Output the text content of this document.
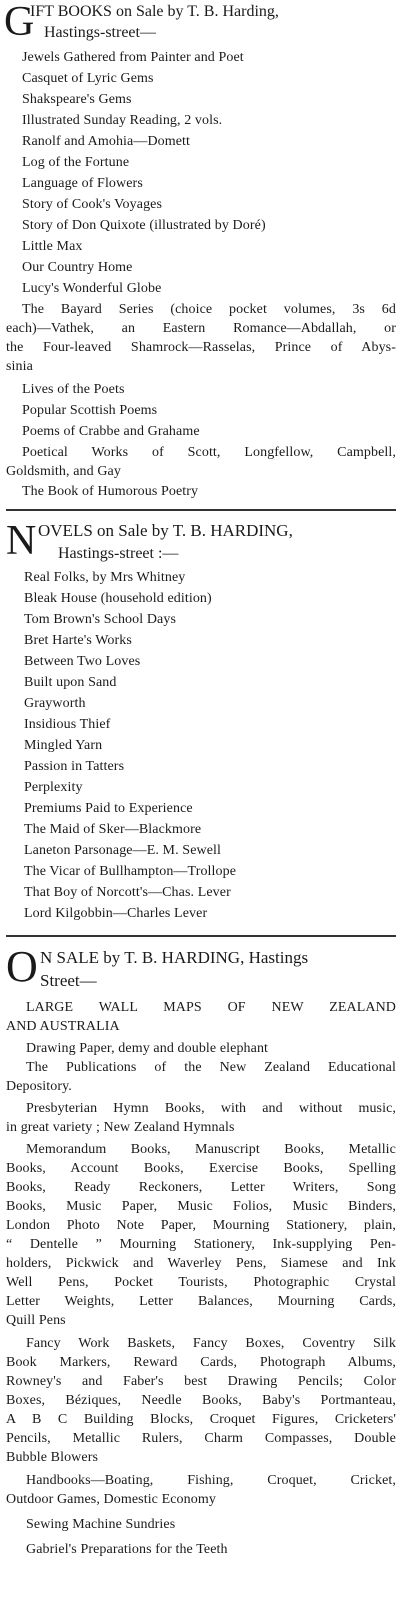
G
IFT BOOKS on Sale by T. B. Harding,
Hastings-street—
Jewels Gathered from Painter and Poet
Casquet of Lyric Gems
Shakspeare's Gems
Illustrated Sunday Reading, 2 vols.
Ranolf and Amohia—Domett
Log of the Fortune
Language of Flowers
Story of Cook's Voyages
Story of Don Quixote (illustrated by Doré)
Little Max
Our Country Home
Lucy's Wonderful Globe
The Bayard Series (choice pocket volumes, 3s 6d
each)—Vathek, an Eastern Romance—Abdallah, or
the Four-leaved Shamrock—Rasselas, Prince of Abys-
sinia
Lives of the Poets
Popular Scottish Poems
Poems of Crabbe and Grahame
Poetical Works of Scott, Longfellow, Campbell,
Goldsmith, and Gay
The Book of Humorous Poetry
N OVELS on Sale by T. B. HARDING,
Hastings-street :—
Real Folks, by Mrs Whitney
Bleak House (household edition)
Tom Brown's School Days
Bret Harte's Works
Between Two Loves
Built upon Sand
Grayworth
Insidious Thief
Mingled Yarn
Passion in Tatters
Perplexity
Premiums Paid to Experience
The Maid of Sker—Blackmore
Laneton Parsonage—E. M. Sewell
The Vicar of Bullhampton—Trollope
That Boy of Norcott's—Chas. Lever
Lord Kilgobbin—Charles Lever
O N SALE by T. B. HARDING, Hastings
Street—
LARGE WALL MAPS OF NEW ZEALAND
AND AUSTRALIA
Drawing Paper, demy and double elephant
The Publications of the New Zealand Educational
Depository.
Presbyterian Hymn Books, with and without music,
in great variety ; New Zealand Hymnals
Memorandum Books, Manuscript Books, Metallic
Books, Account Books, Exercise Books, Spelling
Books, Ready Reckoners, Letter Writers, Song
Books, Music Paper, Music Folios, Music Binders,
London Photo Note Paper, Mourning Stationery, plain,
“ Dentelle ” Mourning Stationery, Ink-supplying Pen-
holders, Pickwick and Waverley Pens, Siamese and Ink
Well Pens, Pocket Tourists, Photographic Crystal
Letter Weights, Letter Balances, Mourning Cards,
Quill Pens
Fancy Work Baskets, Fancy Boxes, Coventry Silk
Book Markers, Reward Cards, Photograph Albums,
Rowney's and Faber's best Drawing Pencils; Color
Boxes, Béziques, Needle Books, Baby's Portmanteau,
A B C Building Blocks, Croquet Figures, Cricketers'
Pencils, Metallic Rulers, Charm Compasses, Double
Bubble Blowers
Handbooks—Boating, Fishing, Croquet, Cricket,
Outdoor Games, Domestic Economy
Sewing Machine Sundries
Gabriel's Preparations for the Teeth
